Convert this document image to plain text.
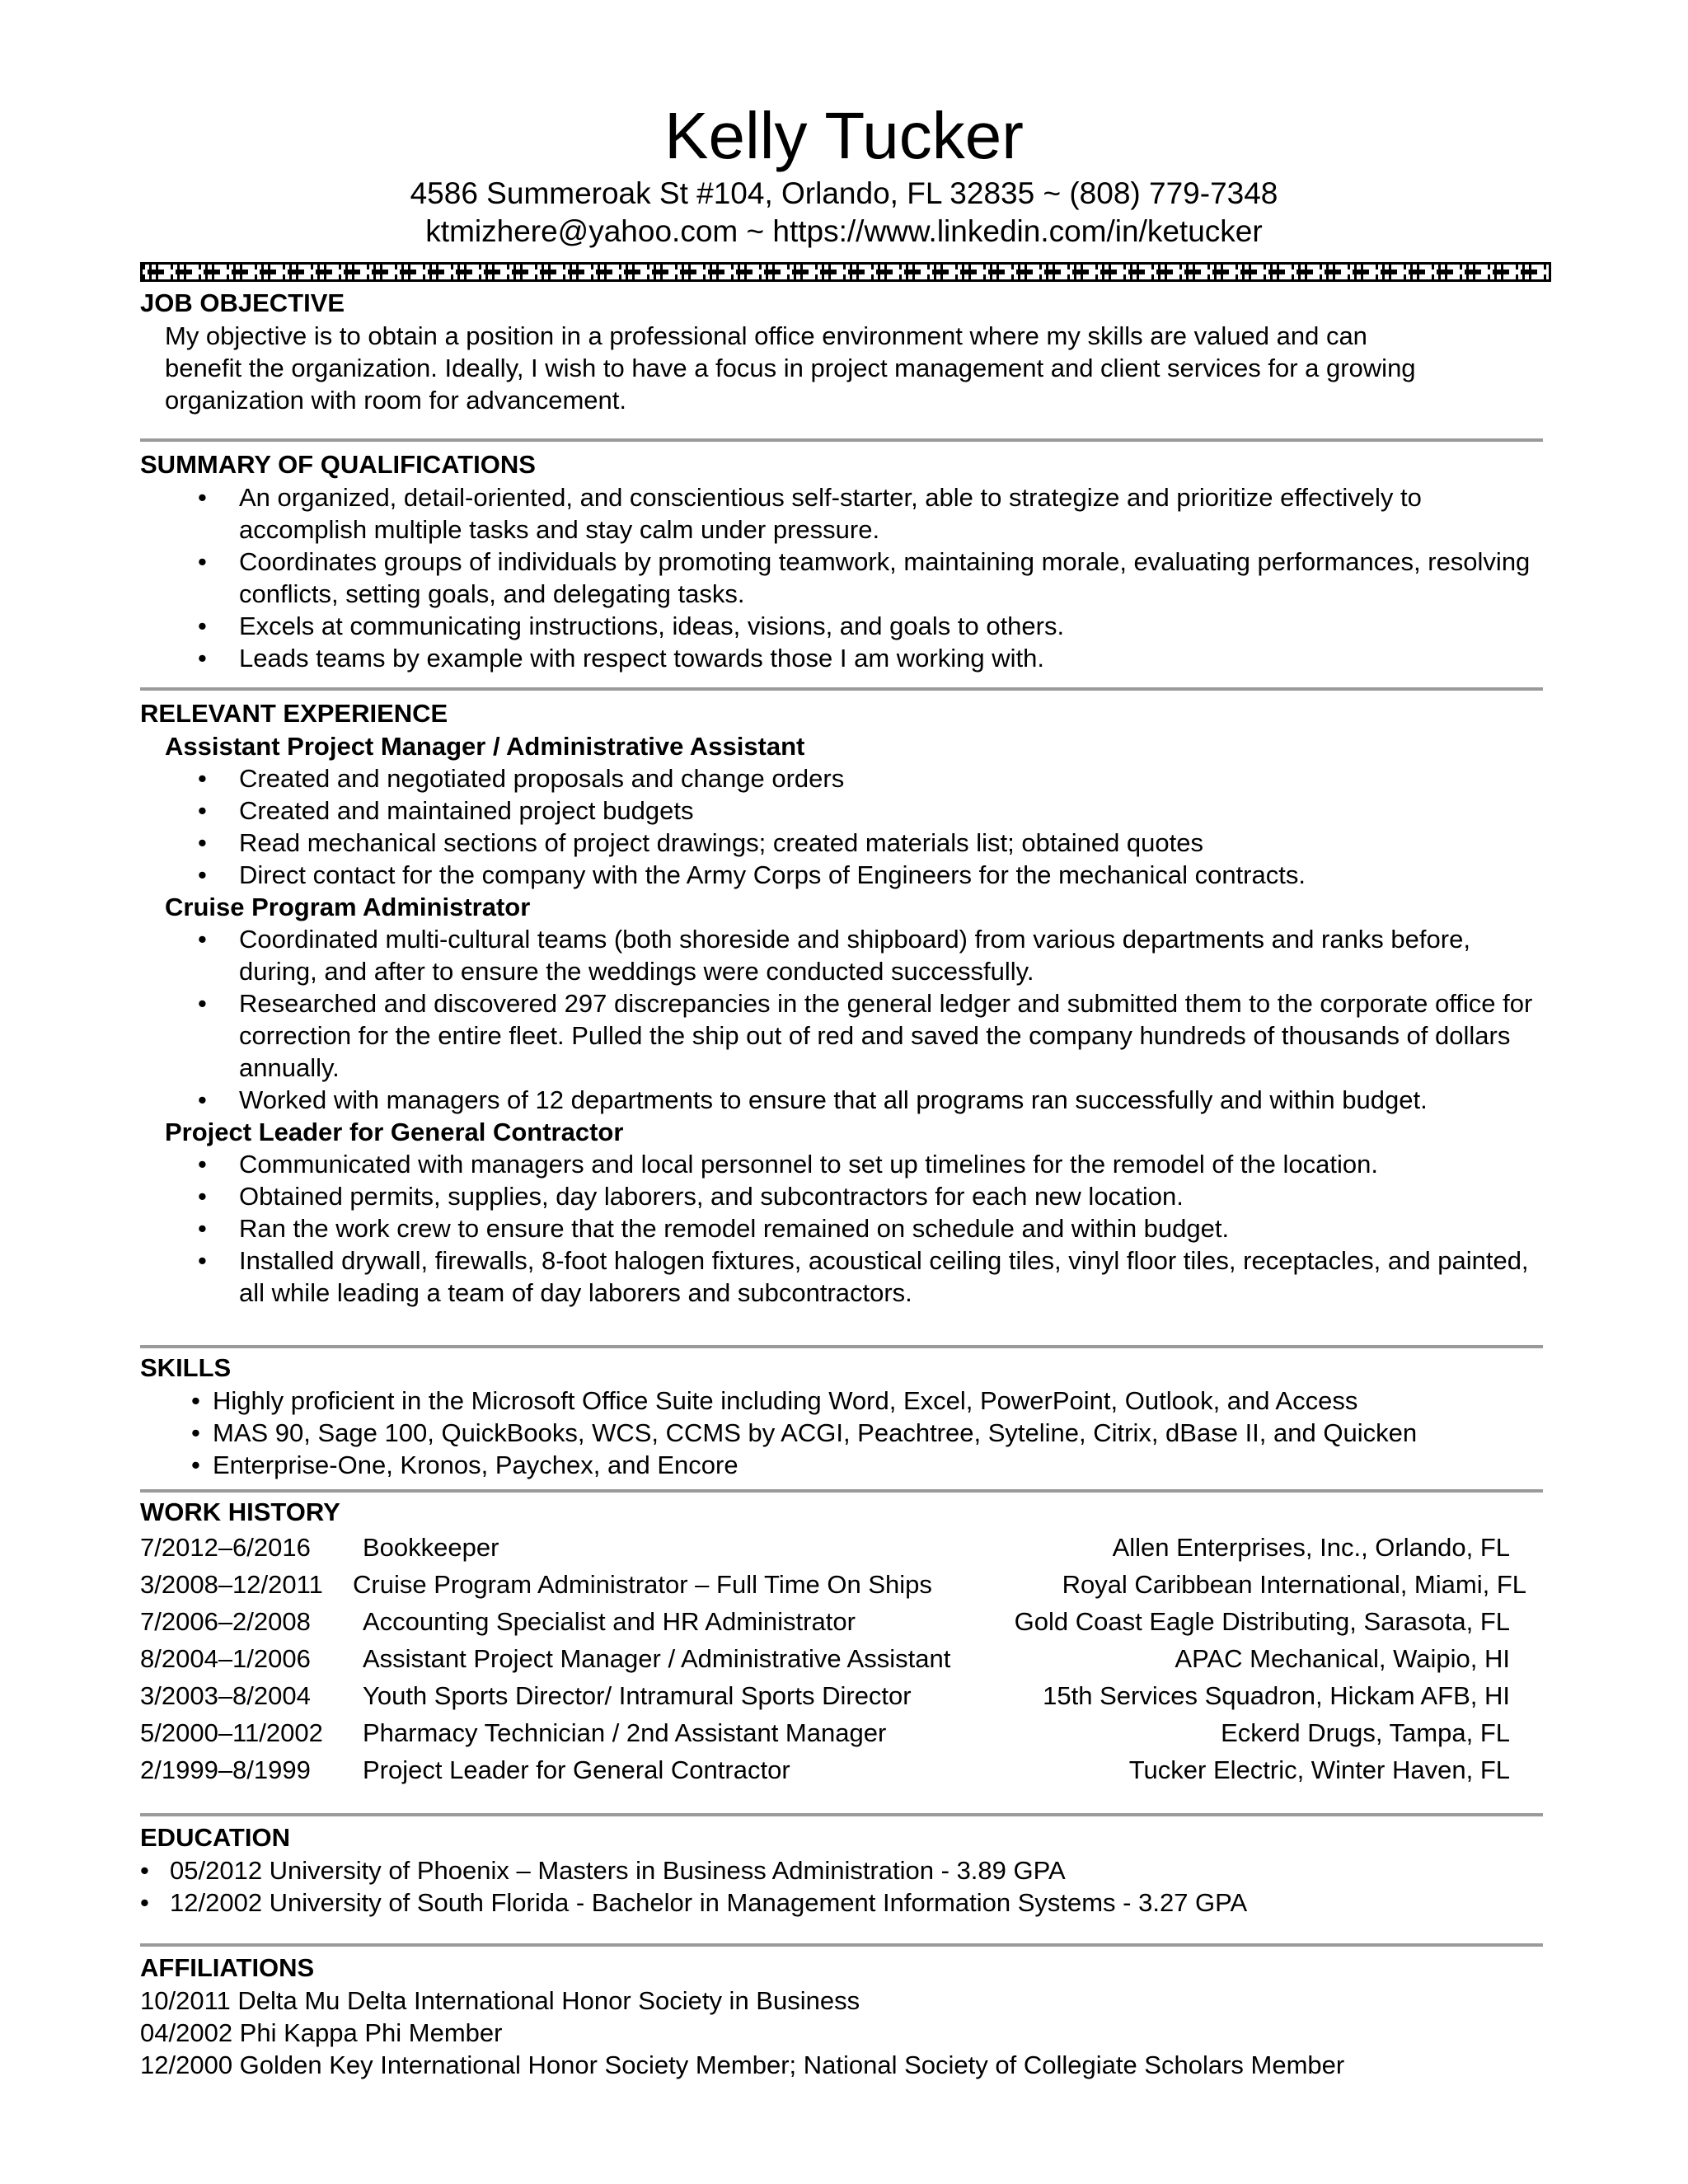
Kelly Tucker
4586 Summeroak St #104, Orlando, FL 32835 ~ (808) 779-7348
ktmizhere@yahoo.com ~ https://www.linkedin.com/in/ketucker
JOB OBJECTIVE

My objective is to obtain a position in a professional office environment where my skills are valued and can

benefit the organization. Ideally, I wish to have a focus in project management and client services for a growing

organization with room for advancement.

SUMMARY OF QUALIFICATIONS
• An organized, detail-oriented, and conscientious self-starter, able to strategize and prioritize effectively to accomplish multiple tasks and stay calm under pressure.
• Coordinates groups of individuals by promoting teamwork, maintaining morale, evaluating performances, resolving conflicts, setting goals, and delegating tasks.
• Excels at communicating instructions, ideas, visions, and goals to others.
• Leads teams by example with respect towards those I am working with.
RELEVANT EXPERIENCE
Assistant Project Manager / Administrative Assistant
• Created and negotiated proposals and change orders
• Created and maintained project budgets
• Read mechanical sections of project drawings; created materials list; obtained quotes
• Direct contact for the company with the Army Corps of Engineers for the mechanical contracts.
Cruise Program Administrator
• Coordinated multi-cultural teams (both shoreside and shipboard) from various departments and ranks before, during, and after to ensure the weddings were conducted successfully.
• Researched and discovered 297 discrepancies in the general ledger and submitted them to the corporate office for correction for the entire fleet. Pulled the ship out of red and saved the company hundreds of thousands of dollars annually.
• Worked with managers of 12 departments to ensure that all programs ran successfully and within budget.
Project Leader for General Contractor
• Communicated with managers and local personnel to set up timelines for the remodel of the location.
• Obtained permits, supplies, day laborers, and subcontractors for each new location.
• Ran the work crew to ensure that the remodel remained on schedule and within budget.
• Installed drywall, firewalls, 8-foot halogen fixtures, acoustical ceiling tiles, vinyl floor tiles, receptacles, and painted, all while leading a team of day laborers and subcontractors.
SKILLS
• Highly proficient in the Microsoft Office Suite including Word, Excel, PowerPoint, Outlook, and Access
• MAS 90, Sage 100, QuickBooks, WCS, CCMS by ACGI, Peachtree, Syteline, Citrix, dBase II, and Quicken
• Enterprise-One, Kronos, Paychex, and Encore
WORK HISTORY
7/2012–6/2016 Bookkeeper	Allen Enterprises, Inc., Orlando, FL
3/2008–12/2011 Cruise Program Administrator – Full Time On Ships	Royal Caribbean International, Miami, FL
7/2006–2/2008 Accounting Specialist and HR Administrator	Gold Coast Eagle Distributing, Sarasota, FL
8/2004–1/2006 Assistant Project Manager / Administrative Assistant	APAC Mechanical, Waipio, HI
3/2003–8/2004 Youth Sports Director/ Intramural Sports Director	15th Services Squadron, Hickam AFB, HI
5/2000–11/2002 Pharmacy Technician / 2nd Assistant Manager	Eckerd Drugs, Tampa, FL
2/1999–8/1999 Project Leader for General Contractor	Tucker Electric, Winter Haven, FL
EDUCATION
• 05/2012 University of Phoenix – Masters in Business Administration - 3.89 GPA
• 12/2002 University of South Florida - Bachelor in Management Information Systems - 3.27 GPA
AFFILIATIONS

10/2011 Delta Mu Delta International Honor Society in Business

04/2002 Phi Kappa Phi Member

12/2000 Golden Key International Honor Society Member; National Society of Collegiate Scholars Member
